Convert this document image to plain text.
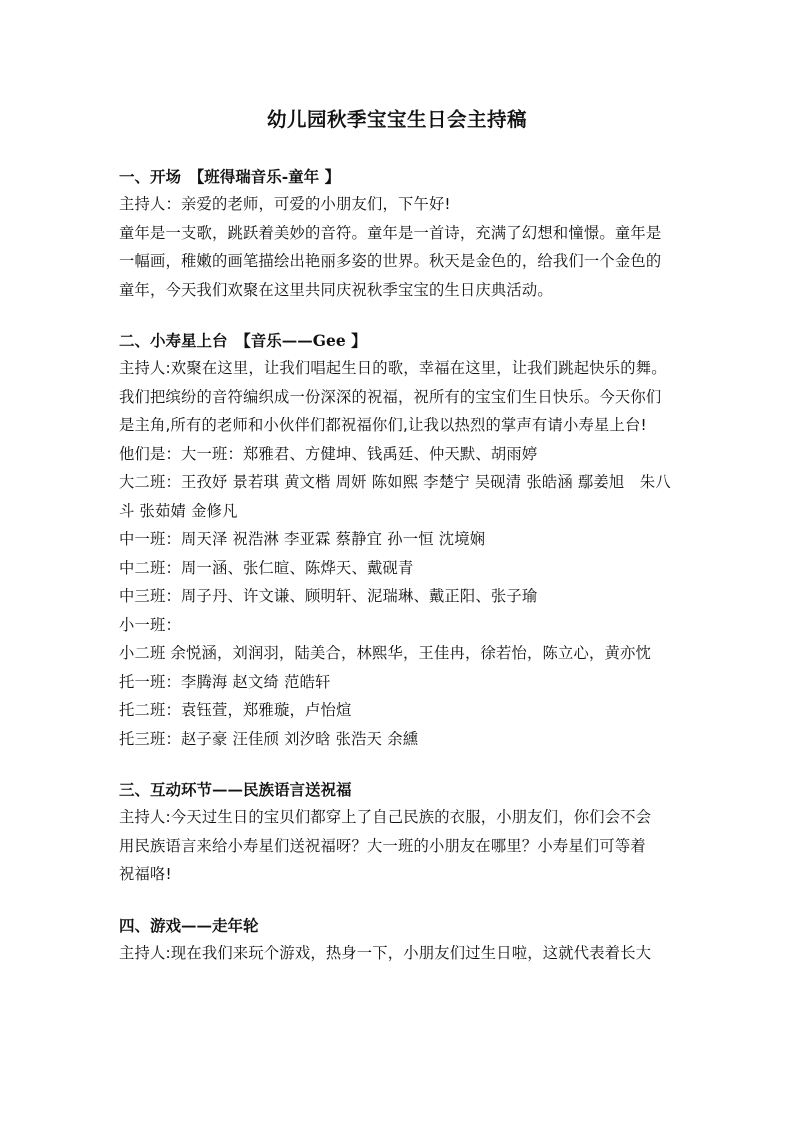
幼儿园秋季宝宝生日会主持稿
一、开场　【班得瑞音乐-童年 】
主持人：亲爱的老师，可爱的小朋友们，下午好!
童年是一支歌，跳跃着美妙的音符。童年是一首诗，充满了幻想和憧憬。童年是
一幅画，稚嫩的画笔描绘出艳丽多姿的世界。秋天是金色的，给我们一个金色的
童年，今天我们欢聚在这里共同庆祝秋季宝宝的生日庆典活动。
二、小寿星上台　【音乐——Gee 】
主持人:欢聚在这里，让我们唱起生日的歌，幸福在这里，让我们跳起快乐的舞。
我们把缤纷的音符编织成一份深深的祝福，祝所有的宝宝们生日快乐。今天你们
是主角,所有的老师和小伙伴们都祝福你们,让我以热烈的掌声有请小寿星上台!
他们是：大一班：郑雅君、方健坤、钱禹廷、仲天默、胡雨婷
大二班：王孜妤 景若琪 黄文楷 周妍 陈如熙 李楚宁 吴砚清 张皓涵 鄢姜旭　朱八
斗 张茹婧 金修凡
中一班：周天泽 祝浩淋 李亚霖 蔡静宜 孙一恒 沈境娴
中二班：周一涵、张仁暄、陈烨天、戴砚青
中三班：周子丹、许文谦、顾明轩、泥瑞琳、戴正阳、张子瑜
小一班：
小二班 余悦涵，刘润羽，陆美合，林熙华，王佳冉，徐若怡，陈立心，黄亦忱
托一班：李腾海 赵文绮 范皓轩
托二班：袁钰萱，郑雅璇，卢怡煊
托三班：赵子豪 汪佳颀 刘汐晗 张浩天 余纁
三、互动环节——民族语言送祝福
主持人:今天过生日的宝贝们都穿上了自己民族的衣服，小朋友们，你们会不会
用民族语言来给小寿星们送祝福呀？大一班的小朋友在哪里？小寿星们可等着
祝福咯!
四、游戏——走年轮
主持人:现在我们来玩个游戏，热身一下，小朋友们过生日啦，这就代表着长大
